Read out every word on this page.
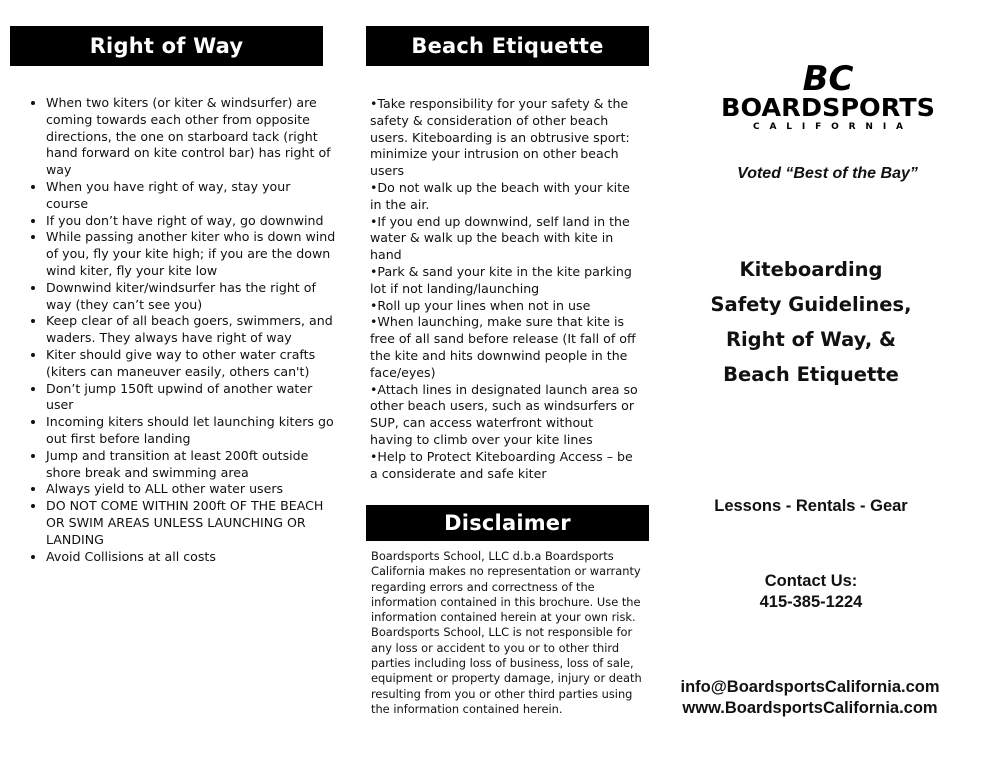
Right of Way	Beach Etiquette
Disclaimer
• When two kiters (or kiter & windsurfer) are coming towards each other from opposite directions, the one on starboard tack (right hand forward on kite control bar) has right of way
• When you have right of way, stay your course
• If you don’t have right of way, go downwind
• While passing another kiter who is down wind of you, fly your kite high; if you are the down wind kiter, fly your kite low
• Downwind kiter/windsurfer has the right of way (they can’t see you)
• Keep clear of all beach goers, swimmers, and waders. They always have right of way
• Kiter should give way to other water crafts (kiters can maneuver easily, others can't)
• Don’t jump 150ft upwind of another water user
• Incoming kiters should let launching kiters go out first before landing
• Jump and transition at least 200ft outside shore break and swimming area
• Always yield to ALL other water users
• DO NOT COME WITHIN 200ft OF THE BEACH OR SWIM AREAS UNLESS LAUNCHING OR LANDING
• Avoid Collisions at all costs
•Take responsibility for your safety & the safety & consideration of other beach users. Kiteboarding is an obtrusive sport: minimize your intrusion on other beach users
•Do not walk up the beach with your kite in the air.
•If you end up downwind, self land in the water & walk up the beach with kite in hand
•Park & sand your kite in the kite parking lot if not landing/launching
•Roll up your lines when not in use
•When launching, make sure that kite is free of all sand before release (It fall of off the kite and hits downwind people in the face/eyes)
•Attach lines in designated launch area so other beach users, such as windsurfers or SUP, can access waterfront without having to climb over your kite lines
•Help to Protect Kiteboarding Access – be a considerate and safe kiter
Boardsports School, LLC d.b.a Boardsports California makes no representation or warranty regarding errors and correctness of the information contained in this brochure. Use the information contained herein at your own risk. Boardsports School, LLC is not responsible for any loss or accident to you or to other third parties including loss of business, loss of sale, equipment or property damage, injury or death resulting from you or other third parties using the information contained herein.
BC
BOARDSPORTS
CALIFORNIA
Voted “Best of the Bay”
Kiteboarding
Safety Guidelines,
Right of Way, &
Beach Etiquette
Lessons - Rentals - Gear
Contact Us:
415-385-1224
info@BoardsportsCalifornia.com
www.BoardsportsCalifornia.com
